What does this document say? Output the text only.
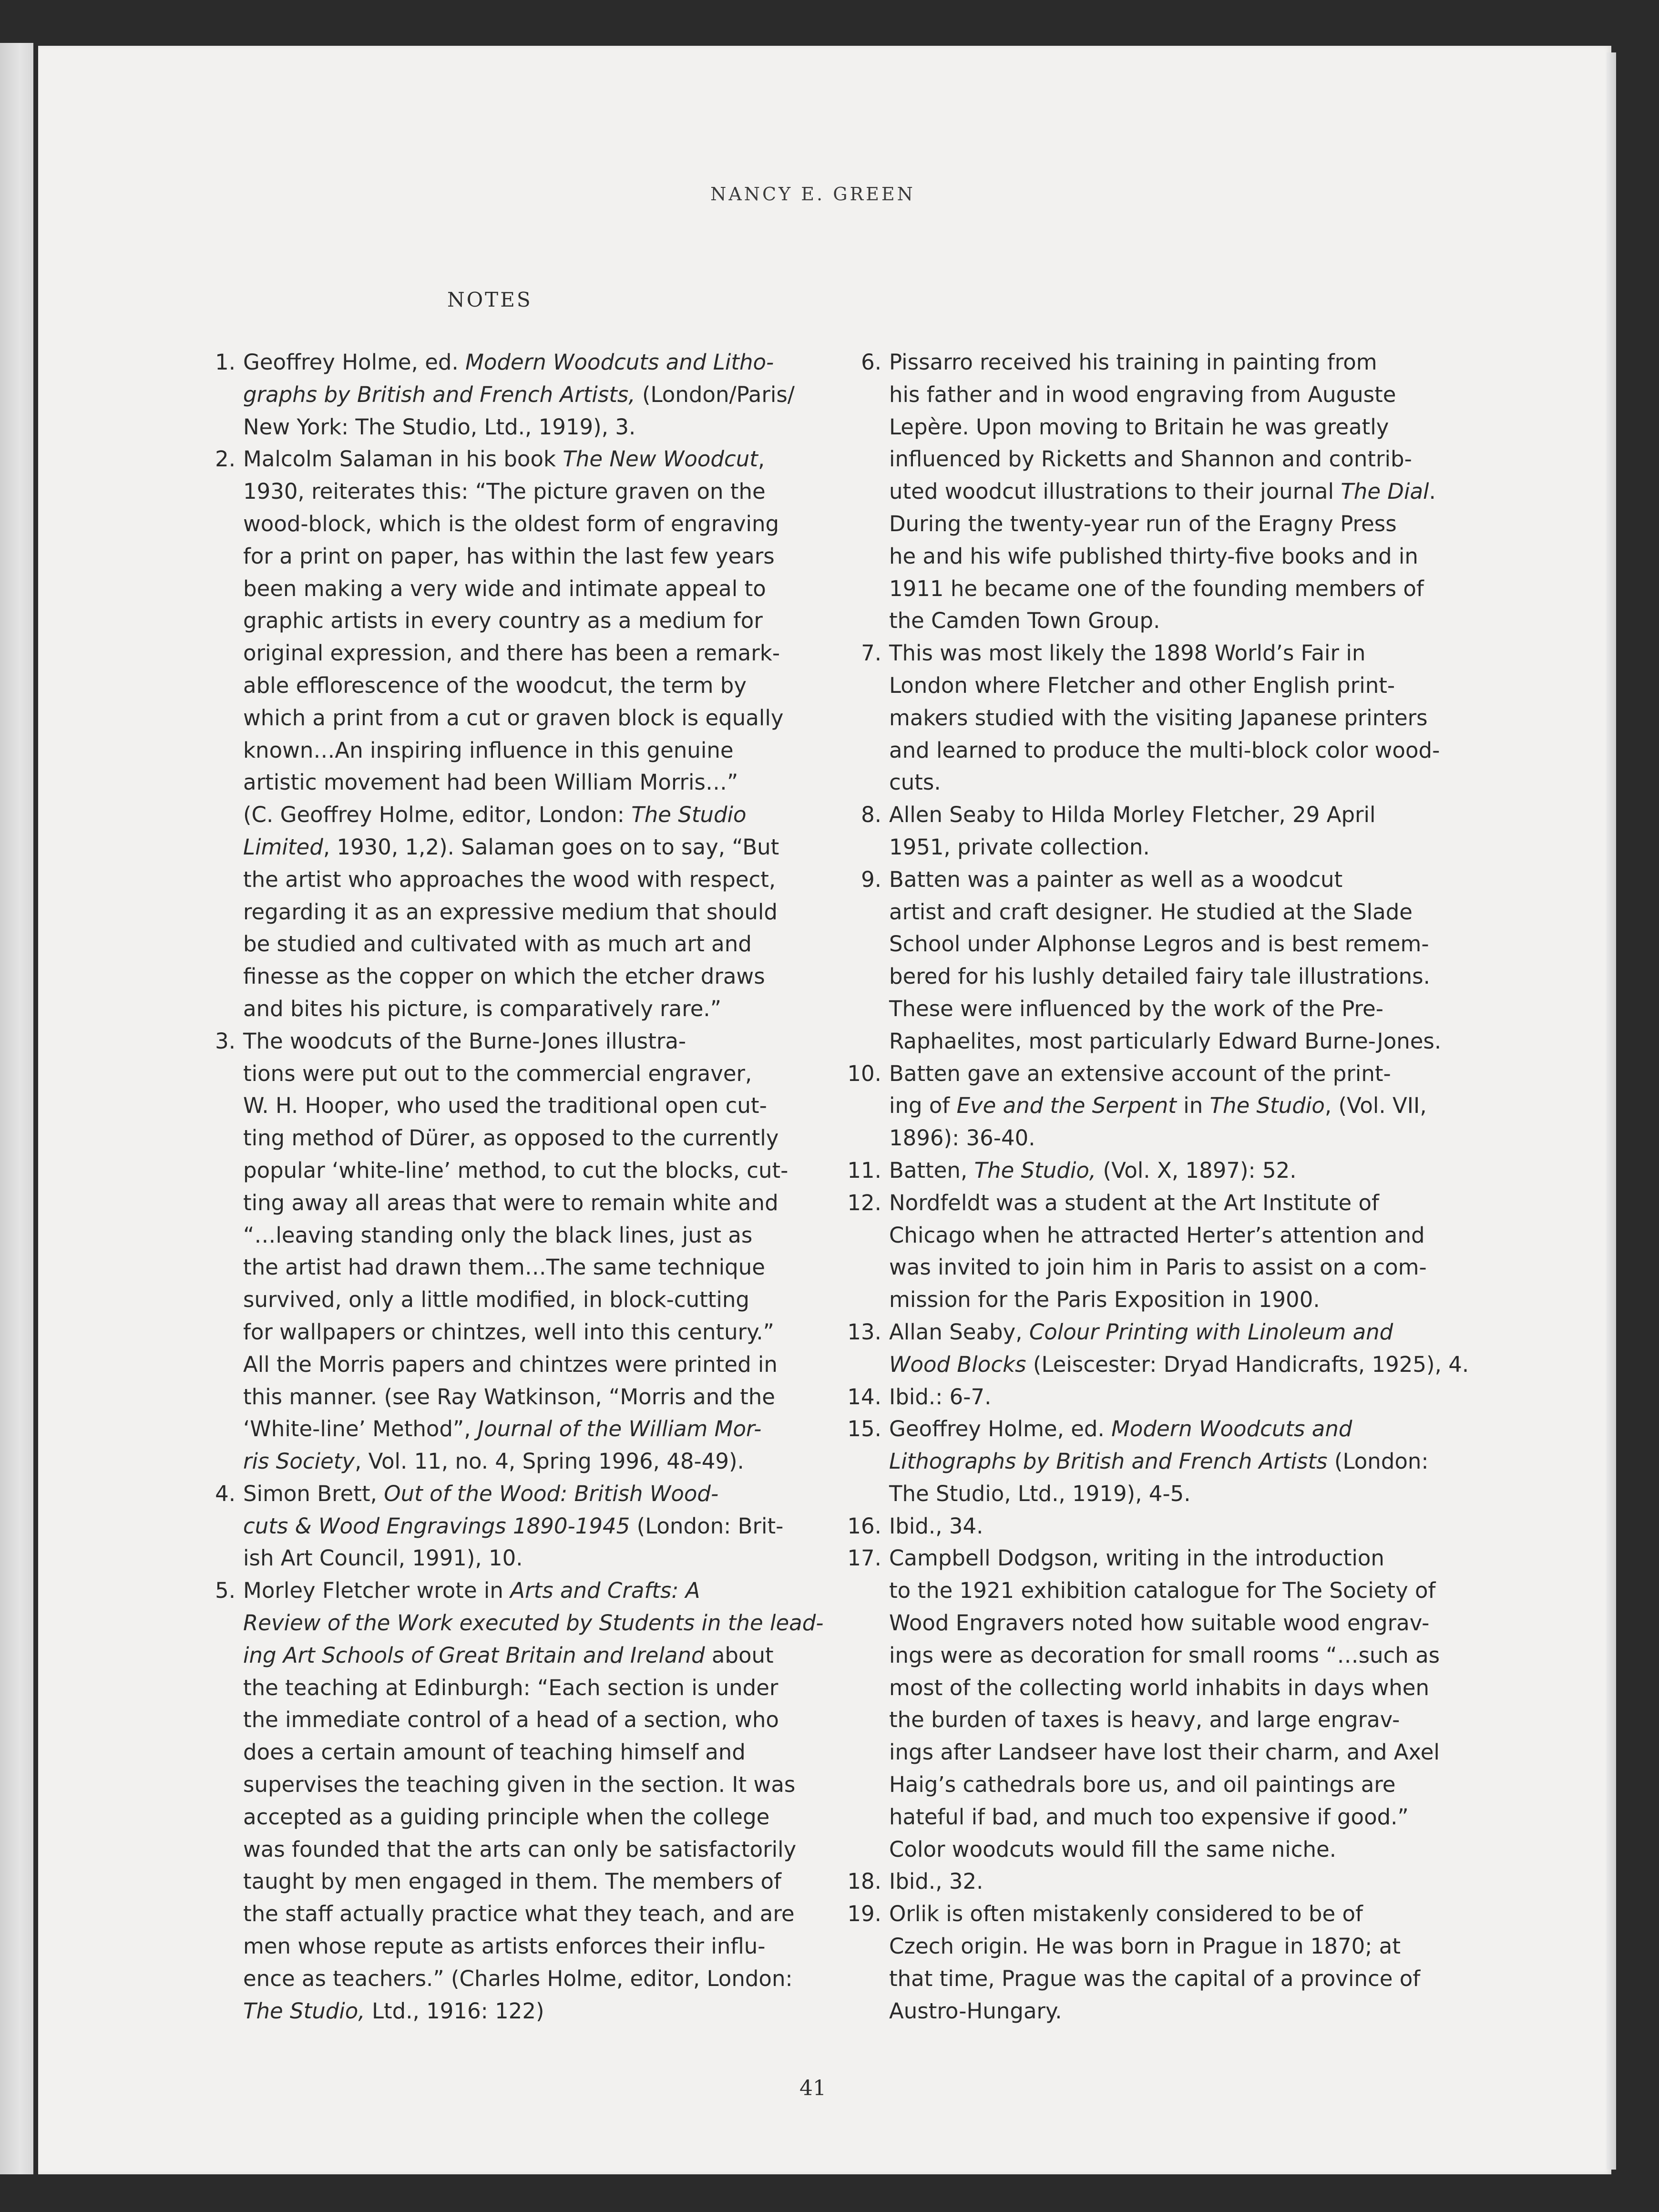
NANCY E. GREEN
NOTES
1. Geoffrey Holme, ed. Modern Woodcuts and Litho-
graphs by British and French Artists, (London/Paris/
New York: The Studio, Ltd., 1919), 3.
2. Malcolm Salaman in his book The New Woodcut,
1930, reiterates this: “The picture graven on the
wood-block, which is the oldest form of engraving
for a print on paper, has within the last few years
been making a very wide and intimate appeal to
graphic artists in every country as a medium for
original expression, and there has been a remark-
able efflorescence of the woodcut, the term by
which a print from a cut or graven block is equally
known…An inspiring influence in this genuine
artistic movement had been William Morris…”
(C. Geoffrey Holme, editor, London: The Studio
Limited, 1930, 1,2). Salaman goes on to say, “But
the artist who approaches the wood with respect,
regarding it as an expressive medium that should
be studied and cultivated with as much art and
finesse as the copper on which the etcher draws
and bites his picture, is comparatively rare.”
3. The woodcuts of the Burne-Jones illustra-
tions were put out to the commercial engraver,
W. H. Hooper, who used the traditional open cut-
ting method of Dürer, as opposed to the currently
popular ‘white-line’ method, to cut the blocks, cut-
ting away all areas that were to remain white and
“…leaving standing only the black lines, just as
the artist had drawn them…The same technique
survived, only a little modified, in block-cutting
for wallpapers or chintzes, well into this century.”
All the Morris papers and chintzes were printed in
this manner. (see Ray Watkinson, “Morris and the
‘White-line’ Method”, Journal of the William Mor-
ris Society, Vol. 11, no. 4, Spring 1996, 48-49).
4. Simon Brett, Out of the Wood: British Wood-
cuts & Wood Engravings 1890-1945 (London: Brit-
ish Art Council, 1991), 10.
5. Morley Fletcher wrote in Arts and Crafts: A
Review of the Work executed by Students in the lead-
ing Art Schools of Great Britain and Ireland about
the teaching at Edinburgh: “Each section is under
the immediate control of a head of a section, who
does a certain amount of teaching himself and
supervises the teaching given in the section. It was
accepted as a guiding principle when the college
was founded that the arts can only be satisfactorily
taught by men engaged in them. The members of
the staff actually practice what they teach, and are
men whose repute as artists enforces their influ-
ence as teachers.” (Charles Holme, editor, London:
The Studio, Ltd., 1916: 122)
6. Pissarro received his training in painting from
his father and in wood engraving from Auguste
Lepère. Upon moving to Britain he was greatly
influenced by Ricketts and Shannon and contrib-
uted woodcut illustrations to their journal The Dial.
During the twenty-year run of the Eragny Press
he and his wife published thirty-five books and in
1911 he became one of the founding members of
the Camden Town Group.
7. This was most likely the 1898 World’s Fair in
London where Fletcher and other English print-
makers studied with the visiting Japanese printers
and learned to produce the multi-block color wood-
cuts.
8. Allen Seaby to Hilda Morley Fletcher, 29 April
1951, private collection.
9. Batten was a painter as well as a woodcut
artist and craft designer. He studied at the Slade
School under Alphonse Legros and is best remem-
bered for his lushly detailed fairy tale illustrations.
These were influenced by the work of the Pre-
Raphaelites, most particularly Edward Burne-Jones.
10. Batten gave an extensive account of the print-
ing of Eve and the Serpent in The Studio, (Vol. VII,
1896): 36-40.
11. Batten, The Studio, (Vol. X, 1897): 52.
12. Nordfeldt was a student at the Art Institute of
Chicago when he attracted Herter’s attention and
was invited to join him in Paris to assist on a com-
mission for the Paris Exposition in 1900.
13. Allan Seaby, Colour Printing with Linoleum and
Wood Blocks (Leiscester: Dryad Handicrafts, 1925), 4.
14. Ibid.: 6-7.
15. Geoffrey Holme, ed. Modern Woodcuts and
Lithographs by British and French Artists (London:
The Studio, Ltd., 1919), 4-5.
16. Ibid., 34.
17. Campbell Dodgson, writing in the introduction
to the 1921 exhibition catalogue for The Society of
Wood Engravers noted how suitable wood engrav-
ings were as decoration for small rooms “…such as
most of the collecting world inhabits in days when
the burden of taxes is heavy, and large engrav-
ings after Landseer have lost their charm, and Axel
Haig’s cathedrals bore us, and oil paintings are
hateful if bad, and much too expensive if good.”
Color woodcuts would fill the same niche.
18. Ibid., 32.
19. Orlik is often mistakenly considered to be of
Czech origin. He was born in Prague in 1870; at
that time, Prague was the capital of a province of
Austro-Hungary.
41
